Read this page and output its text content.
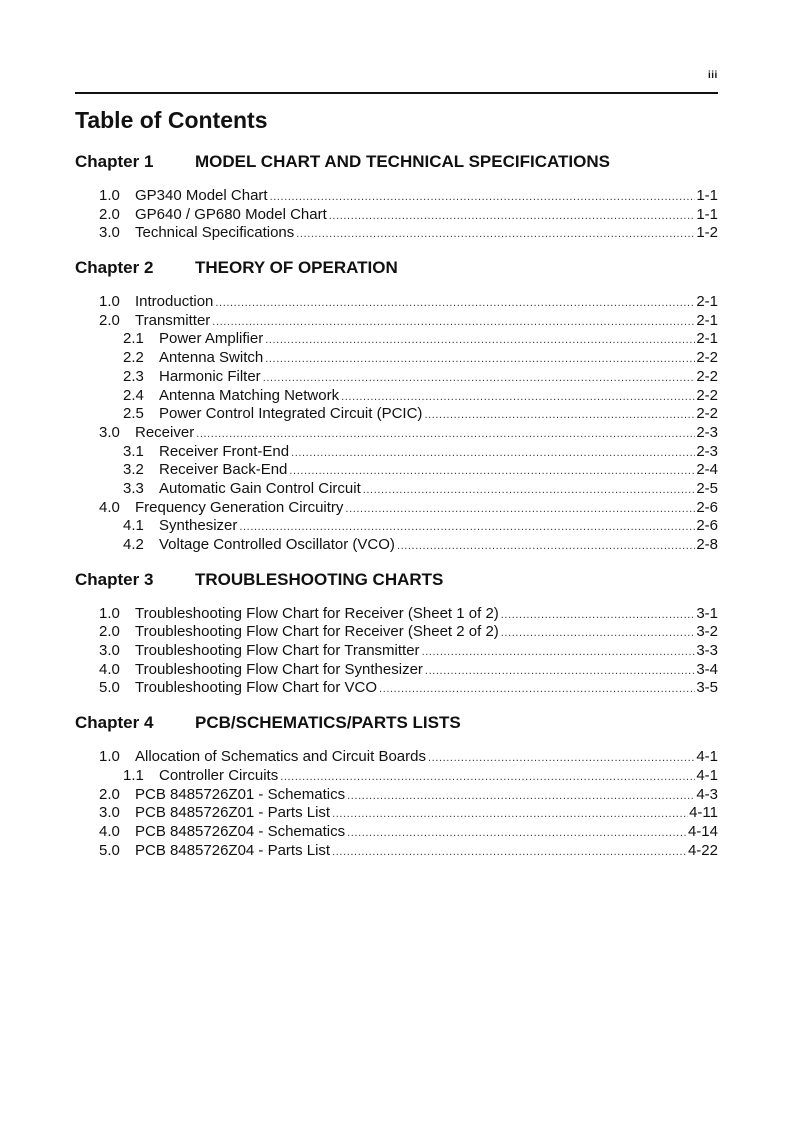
iii
Table of Contents
Chapter 1	MODEL CHART AND TECHNICAL SPECIFICATIONS
1.0	GP340 Model Chart .....	1-1
2.0	GP640 / GP680 Model Chart .....	1-1
3.0	Technical Specifications .....	1-2
Chapter 2	THEORY OF OPERATION
1.0	Introduction .....	2-1
2.0	Transmitter .....	2-1
2.1	Power Amplifier .....	2-1
2.2	Antenna Switch .....	2-2
2.3	Harmonic Filter .....	2-2
2.4	Antenna Matching Network .....	2-2
2.5	Power Control Integrated Circuit (PCIC) .....	2-2
3.0	Receiver .....	2-3
3.1	Receiver Front-End .....	2-3
3.2	Receiver Back-End .....	2-4
3.3	Automatic Gain Control Circuit .....	2-5
4.0	Frequency Generation Circuitry .....	2-6
4.1	Synthesizer .....	2-6
4.2	Voltage Controlled Oscillator (VCO) .....	2-8
Chapter 3	TROUBLESHOOTING CHARTS
1.0	Troubleshooting Flow Chart for Receiver (Sheet 1 of 2) .....	3-1
2.0	Troubleshooting Flow Chart for Receiver (Sheet 2 of 2) .....	3-2
3.0	Troubleshooting Flow Chart for Transmitter .....	3-3
4.0	Troubleshooting Flow Chart for Synthesizer .....	3-4
5.0	Troubleshooting Flow Chart for VCO .....	3-5
Chapter 4	PCB/SCHEMATICS/PARTS LISTS
1.0	Allocation of Schematics and Circuit Boards .....	4-1
1.1	Controller Circuits .....	4-1
2.0	PCB 8485726Z01 - Schematics .....	4-3
3.0	PCB 8485726Z01 - Parts List .....	4-11
4.0	PCB 8485726Z04 - Schematics .....	4-14
5.0	PCB 8485726Z04 - Parts List .....	4-22
